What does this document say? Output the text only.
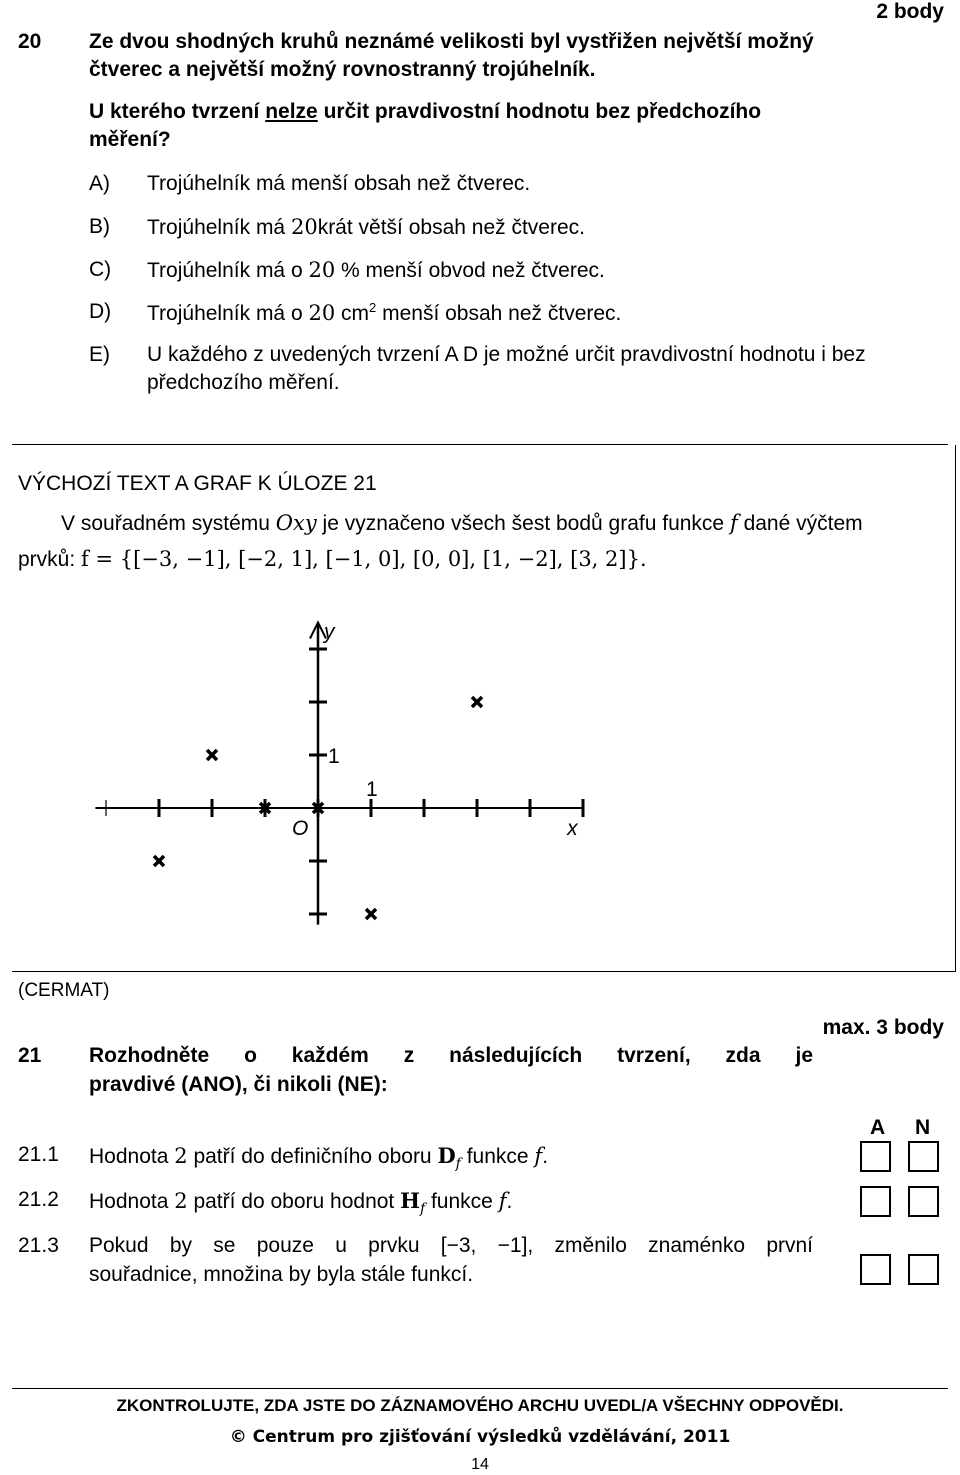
2 body
20 Ze dvou shodných kruhů neznámé velikosti byl vystřižen největší možný
čtverec a největší možný rovnostranný trojúhelník.
U kterého tvrzení nelze určit pravdivostní hodnotu bez předchozího
měření?
A) Trojúhelník má menší obsah než čtverec.
B) Trojúhelník má 20krát větší obsah než čtverec.
C) Trojúhelník má o 20 % menší obvod než čtverec.
D) Trojúhelník má o 20 $cm^2$ menší obsah než čtverec.
E) U každého z uvedených tvrzení A D je možné určit pravdivostní hodnotu i bez
předchozího měření.
VÝCHOZÍ TEXT A GRAF K ÚLOZE 21
V souřadném systému Oxy je vyznačeno všech šest bodů grafu funkce f dané výčtem
prvků: f = {[−3, −1], [−2, 1], [−1, 0], [0, 0], [1, −2], [3, 2]}.
y
x
O
1
1
(CERMAT)
max. 3 body
21 Rozhodněte o každém z následujících tvrzení, zda je
pravdivé (ANO), či nikoli (NE):
A N
21.1 Hodnota 2 patří do definičního oboru $D_f$ funkce f.
21.2 Hodnota 2 patří do oboru hodnot $H_f$ funkce f.
21.3 Pokud by se pouze u prvku [−3, −1], změnilo znaménko první
souřadnice, množina by byla stále funkcí.
ZKONTROLUJTE, ZDA JSTE DO ZÁZNAMOVÉHO ARCHU UVEDL/A VŠECHNY ODPOVĚDI.
© Centrum pro zjišťování výsledků vzdělávání, 2011
14
